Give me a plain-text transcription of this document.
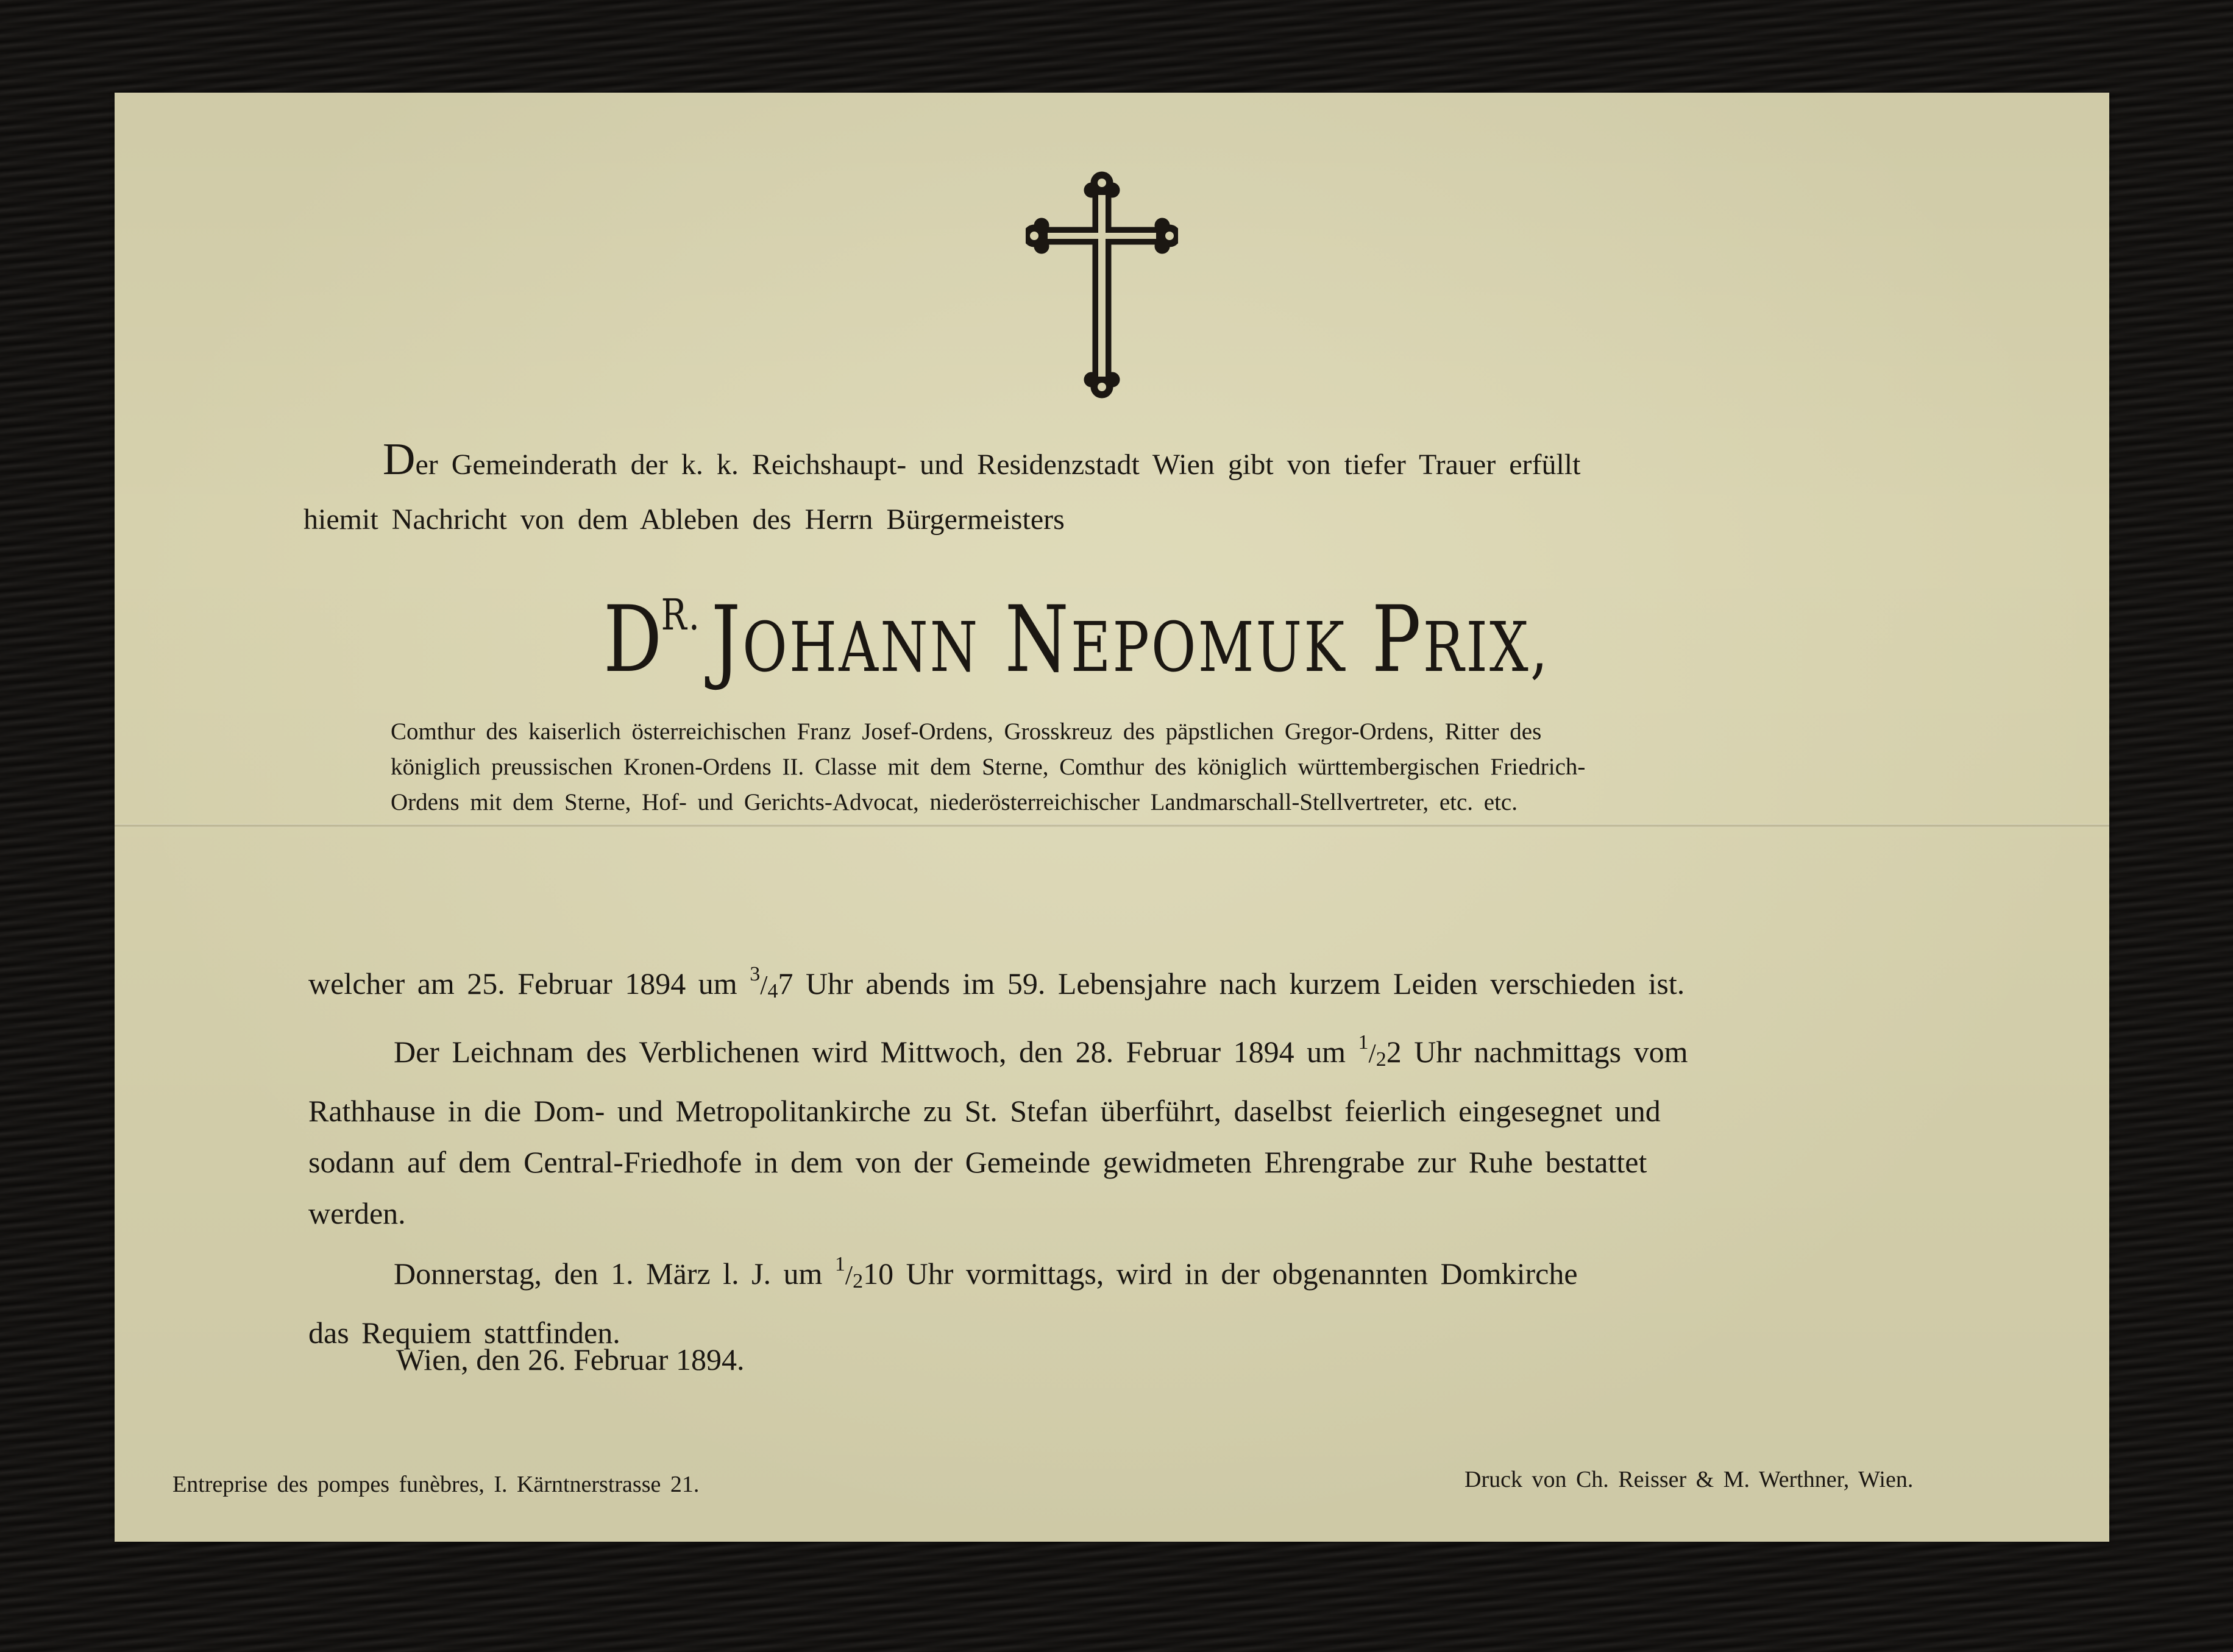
Der Gemeinderath der k. k. Reichshaupt- und Residenzstadt Wien gibt von tiefer Trauer erfüllt
hiemit Nachricht von dem Ableben des Herrn Bürgermeisters
$D^{R.}$ JOHANN NEPOMUK PRIX,
Comthur des kaiserlich österreichischen Franz Josef-Ordens, Grosskreuz des päpstlichen Gregor-Ordens, Ritter des
königlich preussischen Kronen-Ordens II. Classe mit dem Sterne, Comthur des königlich württembergischen Friedrich-
Ordens mit dem Sterne, Hof- und Gerichts-Advocat, niederösterreichischer Landmarschall-Stellvertreter, etc. etc.
welcher am 25. Februar 1894 um 3/47 Uhr abends im 59. Lebensjahre nach kurzem Leiden verschieden ist.
Der Leichnam des Verblichenen wird Mittwoch, den 28. Februar 1894 um 1/22 Uhr nachmittags vom
Rathhause in die Dom- und Metropolitankirche zu St. Stefan überführt, daselbst feierlich eingesegnet und
sodann auf dem Central-Friedhofe in dem von der Gemeinde gewidmeten Ehrengrabe zur Ruhe bestattet
werden.
Donnerstag, den 1. März l. J. um 1/210 Uhr vormittags, wird in der obgenannten Domkirche
das Requiem stattfinden.
Wien, den 26. Februar 1894.
Entreprise des pompes funèbres, I. Kärntnerstrasse 21.	Druck von Ch. Reisser & M. Werthner, Wien.
